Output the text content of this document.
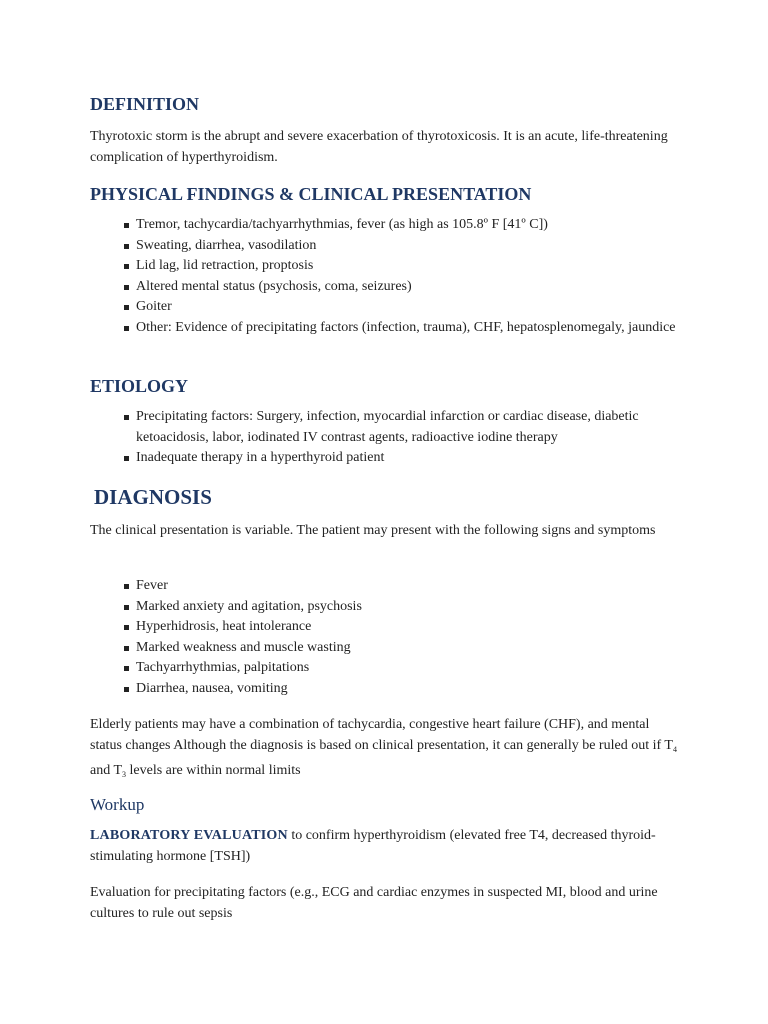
DEFINITION

Thyrotoxic storm is the abrupt and severe exacerbation of thyrotoxicosis. It is an acute, life-threatening complication of hyperthyroidism.

PHYSICAL FINDINGS & CLINICAL PRESENTATION
Tremor, tachycardia/tachyarrhythmias, fever (as high as 105.8º F [41º C])
Sweating, diarrhea, vasodilation
Lid lag, lid retraction, proptosis
Altered mental status (psychosis, coma, seizures)
Goiter
Other: Evidence of precipitating factors (infection, trauma), CHF, hepatosplenomegaly, jaundice
ETIOLOGY
Precipitating factors: Surgery, infection, myocardial infarction or cardiac disease, diabetic ketoacidosis, labor, iodinated IV contrast agents, radioactive iodine therapy
Inadequate therapy in a hyperthyroid patient
DIAGNOSIS

The clinical presentation is variable. The patient may present with the following signs and symptoms

Fever
Marked anxiety and agitation, psychosis
Hyperhidrosis, heat intolerance
Marked weakness and muscle wasting
Tachyarrhythmias, palpitations
Diarrhea, nausea, vomiting

Elderly patients may have a combination of tachycardia, congestive heart failure (CHF), and mental status changes Although the diagnosis is based on clinical presentation, it can generally be ruled out if $T_4$ and $T_3$ levels are within normal limits

Workup

LABORATORY EVALUATION to confirm hyperthyroidism (elevated free T4, decreased thyroid-stimulating hormone [TSH])

Evaluation for precipitating factors (e.g., ECG and cardiac enzymes in suspected MI, blood and urine cultures to rule out sepsis
